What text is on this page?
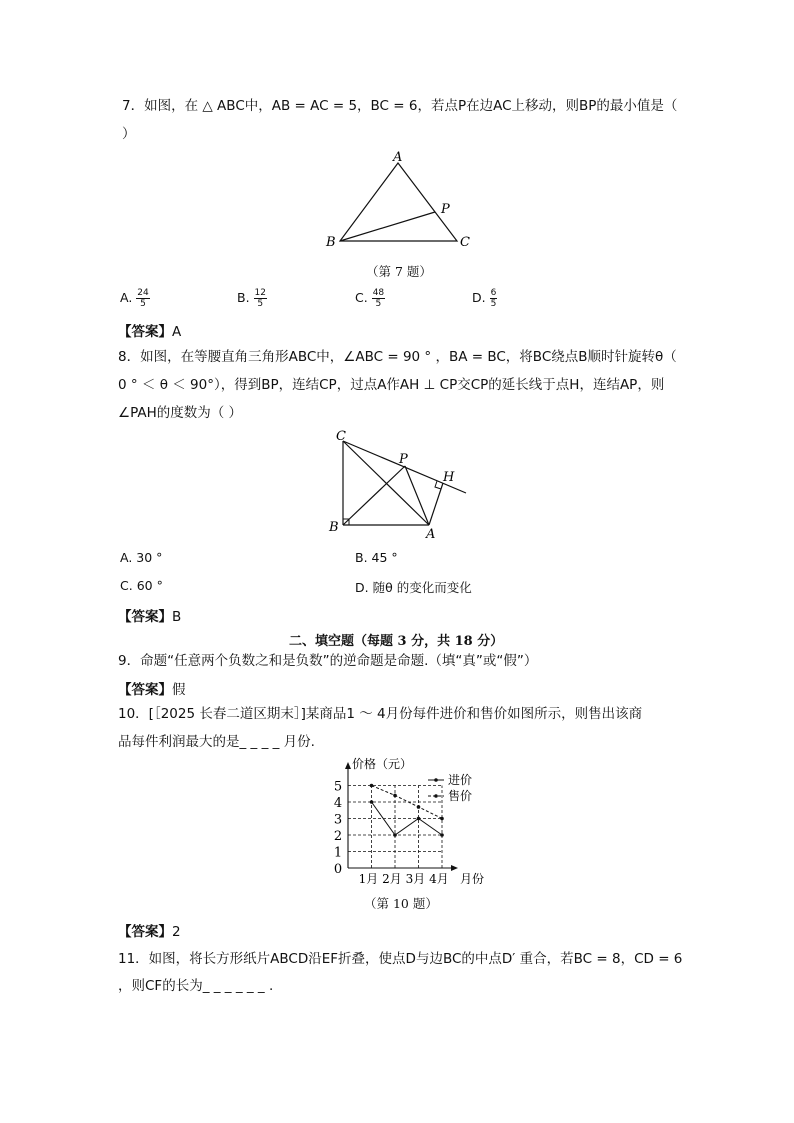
7．如图，在 △ ABC中，AB = AC = 5，BC = 6，若点P在边AC上移动，则BP的最小值是（
）
A
B	C
P
（第 7 题）
A. $\frac{24}{5}$	B. $\frac{12}{5}$	C. $\frac{48}{5}$	D. $\frac{6}{5}$
【答案】A
8．如图，在等腰直角三角形ABC中，∠ABC = 90 ° ，BA = BC，将BC绕点B顺时针旋转θ（
0 ° ＜ θ ＜ 90°），得到BP，连结CP，过点A作AH ⊥ CP交CP的延长线于点H，连结AP，则
∠PAH的度数为（ ）
C
P
H
B	A
A. 30 °	B. 45 °
C. 60 °	D. 随θ 的变化而变化
【答案】B
二、填空题（每题 3 分，共 18 分）
9．命题“任意两个负数之和是负数”的逆命题是命题.（填“真”或“假”）
【答案】假
10．[［2025 长春二道区期末］]某商品1 ～ 4月份每件进价和售价如图所示，则售出该商
品每件利润最大的是_ _ _ _ 月份.
0
1
2
3
4
5
1月 2月 3月 4月
价格（元）
月份
进价
售价
（第 10 题）
【答案】2
11．如图，将长方形纸片ABCD沿EF折叠，使点D与边BC的中点D′ 重合，若BC = 8，CD = 6
，则CF的长为_ _ _ _ _ _ .
